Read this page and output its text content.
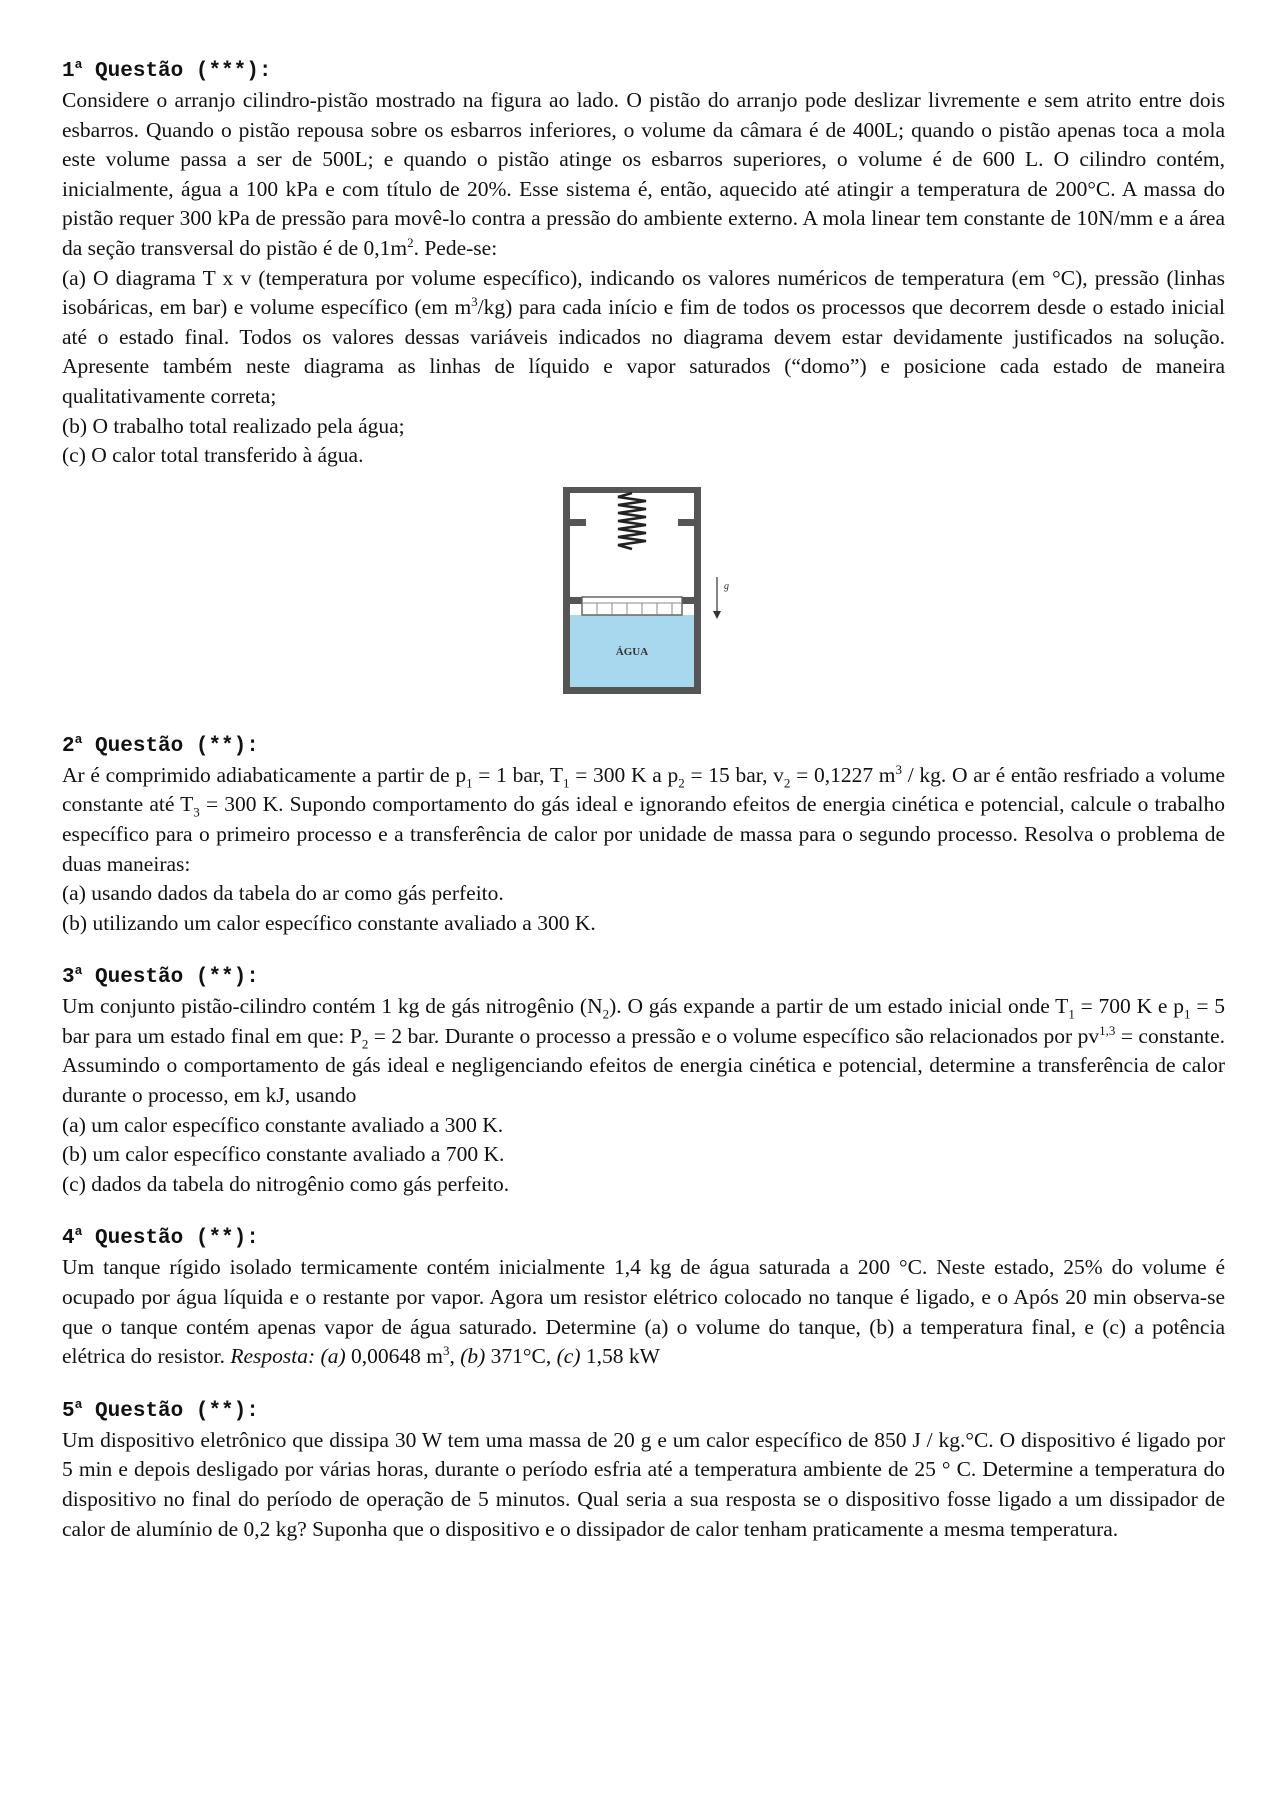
1$^a$ Questão (***):

Considere o arranjo cilindro-pistão mostrado na figura ao lado. O pistão do arranjo pode deslizar livremente e sem atrito entre dois esbarros. Quando o pistão repousa sobre os esbarros inferiores, o volume da câmara é de 400L; quando o pistão apenas toca a mola este volume passa a ser de 500L; e quando o pistão atinge os esbarros superiores, o volume é de 600 L. O cilindro contém, inicialmente, água a 100 kPa e com título de 20%. Esse sistema é, então, aquecido até atingir a temperatura de 200°C. A massa do pistão requer 300 kPa de pressão para movê-lo contra a pressão do ambiente externo. A mola linear tem constante de 10N/mm e a área da seção transversal do pistão é de $0,1m^2$. Pede-se:

(a) O diagrama T x v (temperatura por volume específico), indicando os valores numéricos de temperatura (em °C), pressão (linhas isobáricas, em bar) e volume específico (em $m^3/kg$) para cada início e fim de todos os processos que decorrem desde o estado inicial até o estado final. Todos os valores dessas variáveis indicados no diagrama devem estar devidamente justificados na solução. Apresente também neste diagrama as linhas de líquido e vapor saturados (“domo”) e posicione cada estado de maneira qualitativamente correta;

(b) O trabalho total realizado pela água;

(c) O calor total transferido à água.

ÁGUA
g

2$^a$ Questão (**):

Ar é comprimido adiabaticamente a partir de $p_1 = 1$ bar, $T_1 = 300$ K a $p_2 = 15$ bar, $v_2 = 0,1227$ $m^3$ / kg. O ar é então resfriado a volume constante até $T_3 = 300$ K. Supondo comportamento do gás ideal e ignorando efeitos de energia cinética e potencial, calcule o trabalho específico para o primeiro processo e a transferência de calor por unidade de massa para o segundo processo. Resolva o problema de duas maneiras:

(a) usando dados da tabela do ar como gás perfeito.

(b) utilizando um calor específico constante avaliado a 300 K.

3$^a$ Questão (**):

Um conjunto pistão-cilindro contém 1 kg de gás nitrogênio $(N_2)$. O gás expande a partir de um estado inicial onde $T_1 = 700$ K e $p_1 = 5$ bar para um estado final em que: $P_2 = 2$ bar. Durante o processo a pressão e o volume específico são relacionados por pv$^{1,3}$ = constante. Assumindo o comportamento de gás ideal e negligenciando efeitos de energia cinética e potencial, determine a transferência de calor durante o processo, em kJ, usando

(a) um calor específico constante avaliado a 300 K.

(b) um calor específico constante avaliado a 700 K.

(c) dados da tabela do nitrogênio como gás perfeito.

4$^a$ Questão (**):

Um tanque rígido isolado termicamente contém inicialmente 1,4 kg de água saturada a 200 °C. Neste estado, 25% do volume é ocupado por água líquida e o restante por vapor. Agora um resistor elétrico colocado no tanque é ligado, e o Após 20 min observa-se que o tanque contém apenas vapor de água saturado. Determine (a) o volume do tanque, (b) a temperatura final, e (c) a potência elétrica do resistor. Resposta: (a) 0,00648 $m^3$, (b) 371°C, (c) 1,58 kW

5$^a$ Questão (**):

Um dispositivo eletrônico que dissipa 30 W tem uma massa de 20 g e um calor específico de 850 J / kg.°C. O dispositivo é ligado por 5 min e depois desligado por várias horas, durante o período esfria até a temperatura ambiente de 25 ° C. Determine a temperatura do dispositivo no final do período de operação de 5 minutos. Qual seria a sua resposta se o dispositivo fosse ligado a um dissipador de calor de alumínio de 0,2 kg? Suponha que o dispositivo e o dissipador de calor tenham praticamente a mesma temperatura.
